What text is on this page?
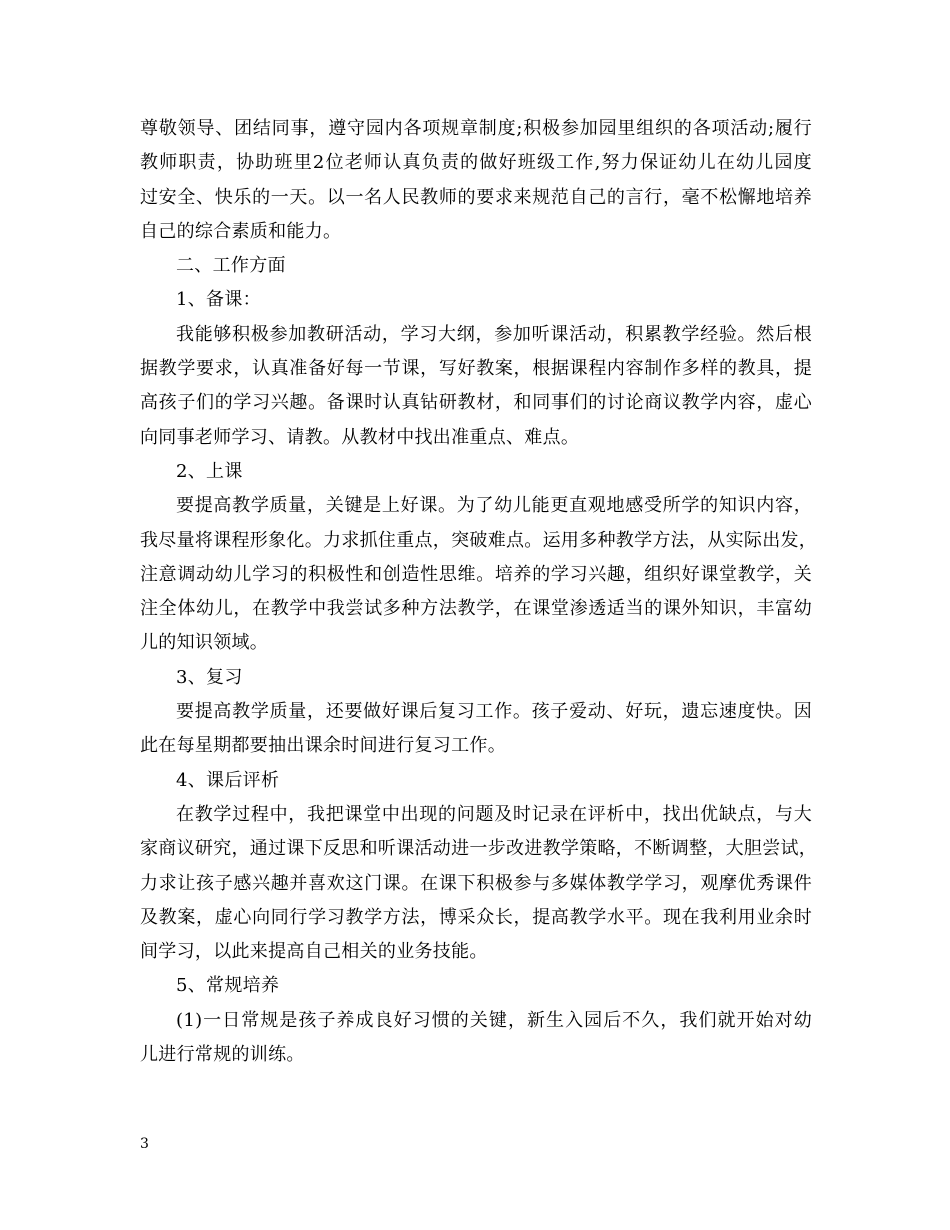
尊敬领导、团结同事，遵守园内各项规章制度;积极参加园里组织的各项活动;履行
教师职责，协助班里2位老师认真负责的做好班级工作,努力保证幼儿在幼儿园度
过安全、快乐的一天。以一名人民教师的要求来规范自己的言行，毫不松懈地培养
自己的综合素质和能力。

二、工作方面

1、备课：

我能够积极参加教研活动，学习大纲，参加听课活动，积累教学经验。然后根
据教学要求，认真准备好每一节课，写好教案，根据课程内容制作多样的教具，提
高孩子们的学习兴趣。备课时认真钻研教材，和同事们的讨论商议教学内容，虚心
向同事老师学习、请教。从教材中找出准重点、难点。

2、上课

要提高教学质量，关键是上好课。为了幼儿能更直观地感受所学的知识内容，
我尽量将课程形象化。力求抓住重点，突破难点。运用多种教学方法，从实际出发，
注意调动幼儿学习的积极性和创造性思维。培养的学习兴趣，组织好课堂教学，关
注全体幼儿，在教学中我尝试多种方法教学，在课堂渗透适当的课外知识，丰富幼
儿的知识领域。

3、复习

要提高教学质量，还要做好课后复习工作。孩子爱动、好玩，遗忘速度快。因
此在每星期都要抽出课余时间进行复习工作。

4、课后评析

在教学过程中，我把课堂中出现的问题及时记录在评析中，找出优缺点，与大
家商议研究，通过课下反思和听课活动进一步改进教学策略，不断调整，大胆尝试，
力求让孩子感兴趣并喜欢这门课。在课下积极参与多媒体教学学习，观摩优秀课件
及教案，虚心向同行学习教学方法，博采众长，提高教学水平。现在我利用业余时
间学习，以此来提高自己相关的业务技能。

5、常规培养

(1)一日常规是孩子养成良好习惯的关键，新生入园后不久，我们就开始对幼
儿进行常规的训练。

3
